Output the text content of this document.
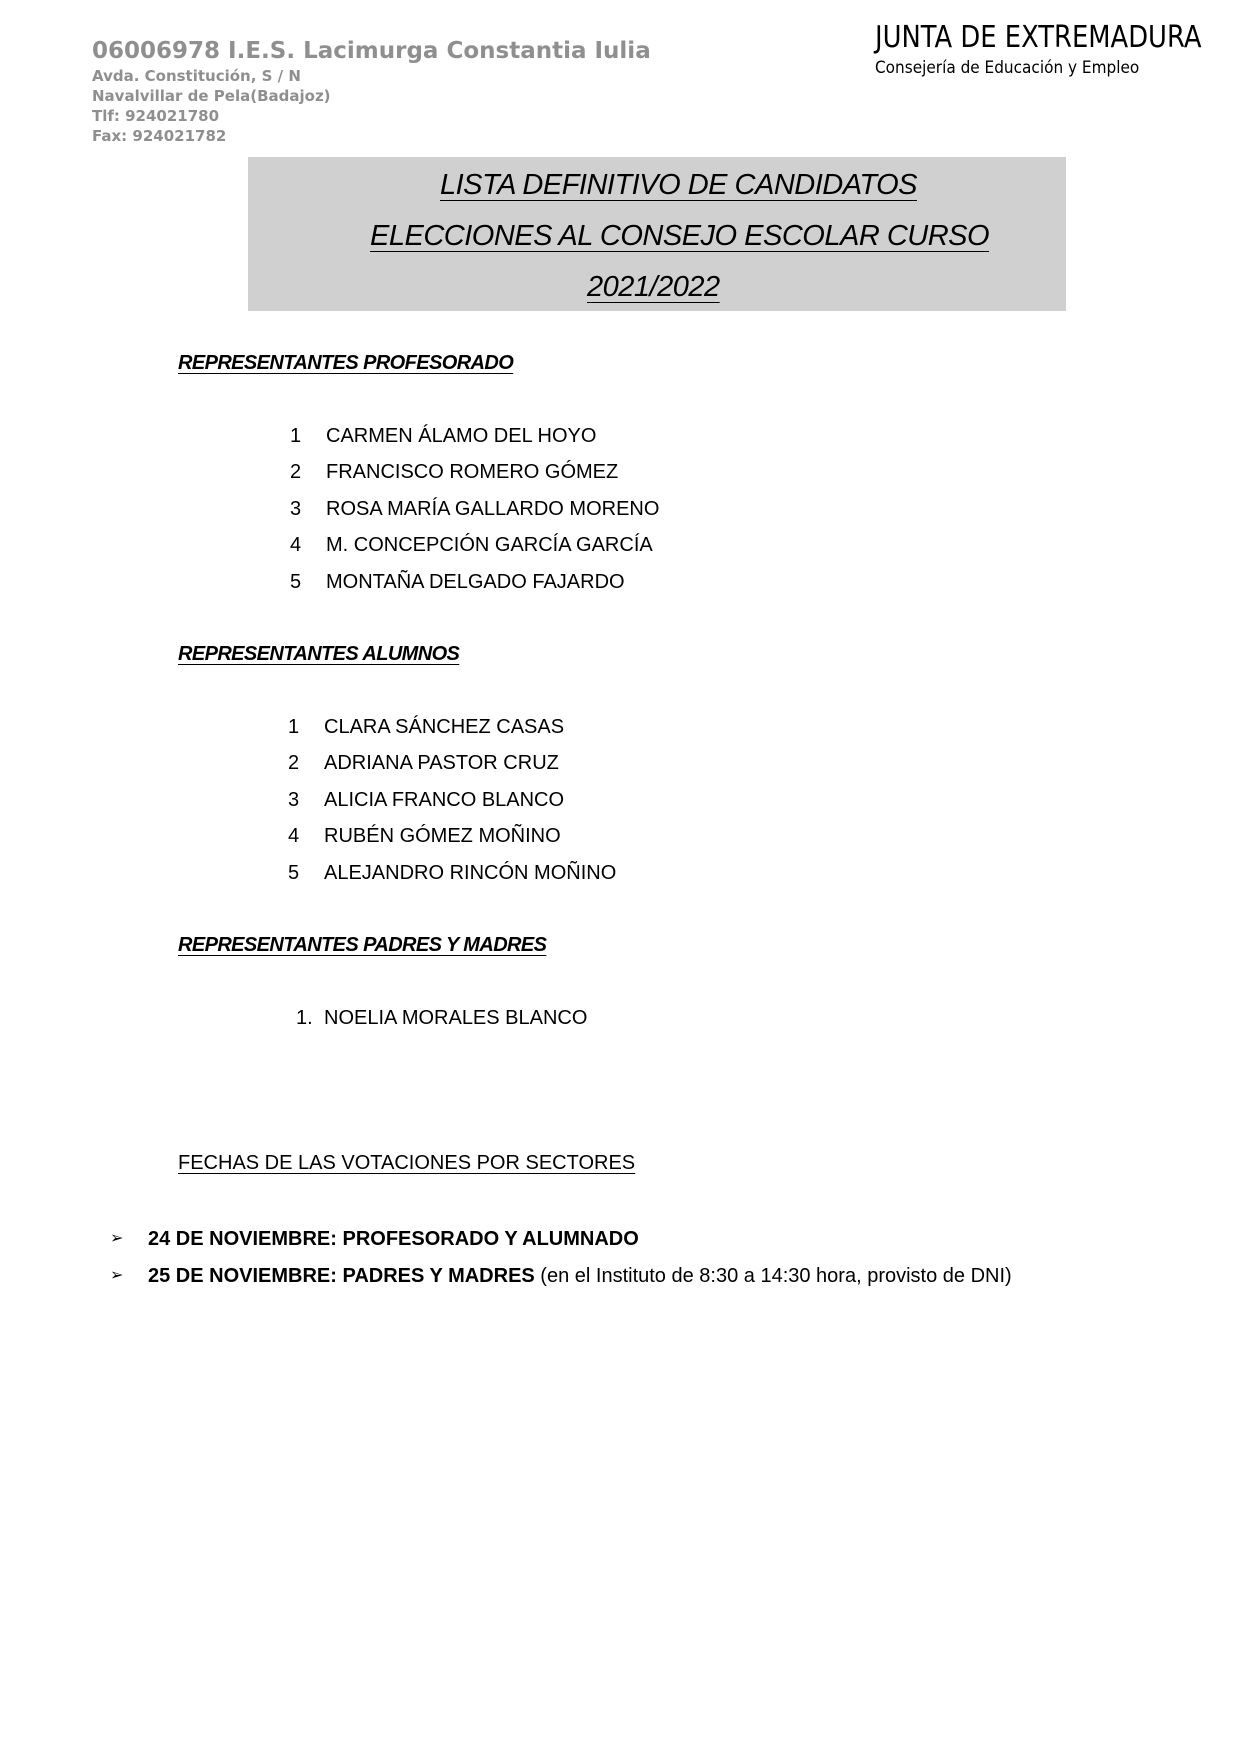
06006978 I.E.S. Lacimurga Constantia Iulia
Avda. Constitución, S / N
Navalvillar de Pela(Badajoz)
Tlf: 924021780
Fax: 924021782
JUNTA DE EXTREMADURA
Consejería de Educación y Empleo
LISTA DEFINITIVO DE CANDIDATOS
ELECCIONES AL CONSEJO ESCOLAR CURSO
2021/2022
REPRESENTANTES PROFESORADO
1 CARMEN ÁLAMO DEL HOYO
2 FRANCISCO ROMERO GÓMEZ
3 ROSA MARÍA GALLARDO MORENO
4 M. CONCEPCIÓN GARCÍA GARCÍA
5 MONTAÑA DELGADO FAJARDO
REPRESENTANTES ALUMNOS
1 CLARA SÁNCHEZ CASAS
2 ADRIANA PASTOR CRUZ
3 ALICIA FRANCO BLANCO
4 RUBÉN GÓMEZ MOÑINO
5 ALEJANDRO RINCÓN MOÑINO
REPRESENTANTES PADRES Y MADRES
1. NOELIA MORALES BLANCO
FECHAS DE LAS VOTACIONES POR SECTORES
➢ 24 DE NOVIEMBRE: PROFESORADO Y ALUMNADO
➢ 25 DE NOVIEMBRE: PADRES Y MADRES (en el Instituto de 8:30 a 14:30 hora, provisto de DNI)
